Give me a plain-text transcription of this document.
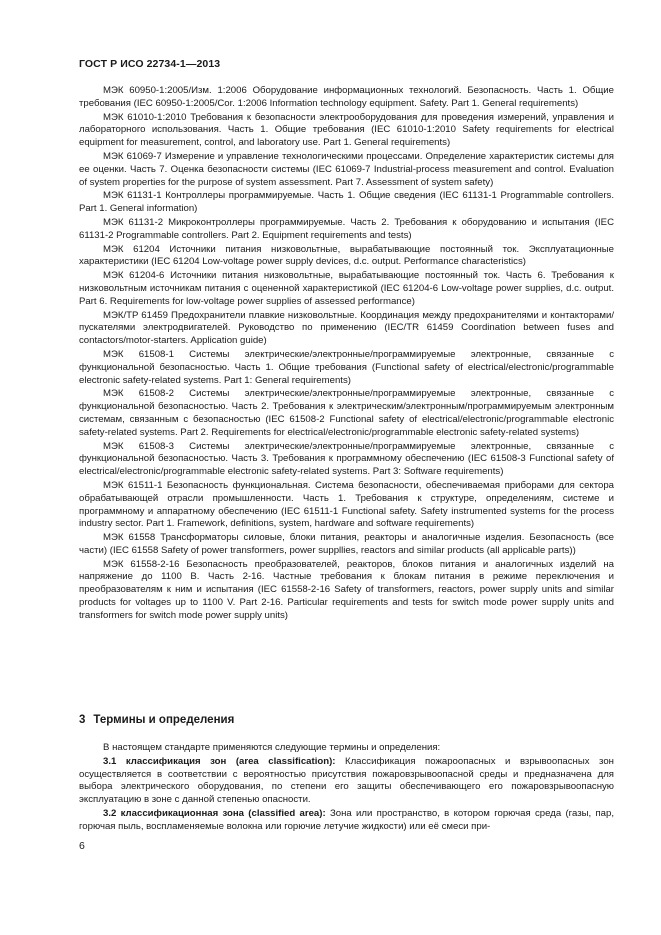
ГОСТ Р ИСО 22734-1—2013

МЭК 60950-1:2005/Изм. 1:2006 Оборудование информационных технологий. Безопасность. Часть 1. Общие требования (IEC 60950-1:2005/Cor. 1:2006 Information technology equipment. Safety. Part 1. General requirements)

МЭК 61010-1:2010 Требования к безопасности электрооборудования для проведения измерений, управления и лабораторного использования. Часть 1. Общие требования (IEC 61010-1:2010 Safety requirements for electrical equipment for measurement, control, and laboratory use. Part 1. General requirements)

МЭК 61069-7 Измерение и управление технологическими процессами. Определение характеристик системы для ее оценки. Часть 7. Оценка безопасности системы (IEC 61069-7 Industrial-process measurement and control. Evaluation of system properties for the purpose of system assessment. Part 7. Assessment of system safety)

МЭК 61131-1 Контроллеры программируемые. Часть 1. Общие сведения (IEC 61131-1 Programmable controllers. Part 1. General information)

МЭК 61131-2 Микроконтроллеры программируемые. Часть 2. Требования к оборудованию и испытания (IEC 61131-2 Programmable controllers. Part 2. Equipment requirements and tests)

МЭК 61204 Источники питания низковольтные, вырабатывающие постоянный ток. Эксплуатационные характеристики (IEC 61204 Low-voltage power supply devices, d.c. output. Performance characteristics)

МЭК 61204-6 Источники питания низковольтные, вырабатывающие постоянный ток. Часть 6. Требования к низковольтным источникам питания с оцененной характеристикой (IEC 61204-6 Low-voltage power supplies, d.c. output. Part 6. Requirements for low-voltage power supplies of assessed performance)

МЭК/TP 61459 Предохранители плавкие низковольтные. Координация между предохранителями и контакторами/пускателями электродвигателей. Руководство по применению (IEC/TR 61459 Coordination between fuses and contactors/motor-starters. Application guide)

МЭК 61508-1 Системы электрические/электронные/программируемые электронные, связанные с функциональной безопасностью. Часть 1. Общие требования (Functional safety of electrical/electronic/programmable electronic safety-related systems. Part 1: General requirements)

МЭК 61508-2 Системы электрические/электронные/программируемые электронные, связанные с функциональной безопасностью. Часть 2. Требования к электрическим/электронным/программируемым электронным системам, связанным с безопасностью (IEC 61508-2 Functional safety of electrical/electronic/programmable electronic safety-related systems. Part 2. Requirements for electrical/electronic/programmable electronic safety-related systems)

МЭК 61508-3 Системы электрические/электронные/программируемые электронные, связанные с функциональной безопасностью. Часть 3. Требования к программному обеспечению (IEC 61508-3 Functional safety of electrical/electronic/programmable electronic safety-related systems. Part 3: Software requirements)

МЭК 61511-1 Безопасность функциональная. Система безопасности, обеспечиваемая приборами для сектора обрабатывающей отрасли промышленности. Часть 1. Требования к структуре, определениям, системе и программному и аппаратному обеспечению (IEC 61511-1 Functional safety. Safety instrumented systems for the process industry sector. Part 1. Framework, definitions, system, hardware and software requirements)

МЭК 61558 Трансформаторы силовые, блоки питания, реакторы и аналогичные изделия. Безопасность (все части) (IEC 61558 Safety of power transformers, power suppllies, reactors and similar products (all applicable parts))

МЭК 61558-2-16 Безопасность преобразователей, реакторов, блоков питания и аналогичных изделий на напряжение до 1100 В. Часть 2-16. Частные требования к блокам питания в режиме переключения и преобразователям к ним и испытания (IEC 61558-2-16 Safety of transformers, reactors, power supply units and similar products for voltages up to 1100 V. Part 2-16. Particular requirements and tests for switch mode power supply units and transformers for switch mode power supply units)

3 Термины и определения

В настоящем стандарте применяются следующие термины и определения:

3.1 классификация зон (area classification): Классификация пожароопасных и взрывоопасных зон осуществляется в соответствии с вероятностью присутствия пожаровзрывоопасной среды и предназначена для выбора электрического оборудования, по степени его защиты обеспечивающего его пожаровзрывоопасную эксплуатацию в зоне с данной степенью опасности.

3.2 классификационная зона (classified area): Зона или пространство, в котором горючая среда (газы, пар, горючая пыль, воспламеняемые волокна или горючие летучие жидкости) или её смеси при-

6
